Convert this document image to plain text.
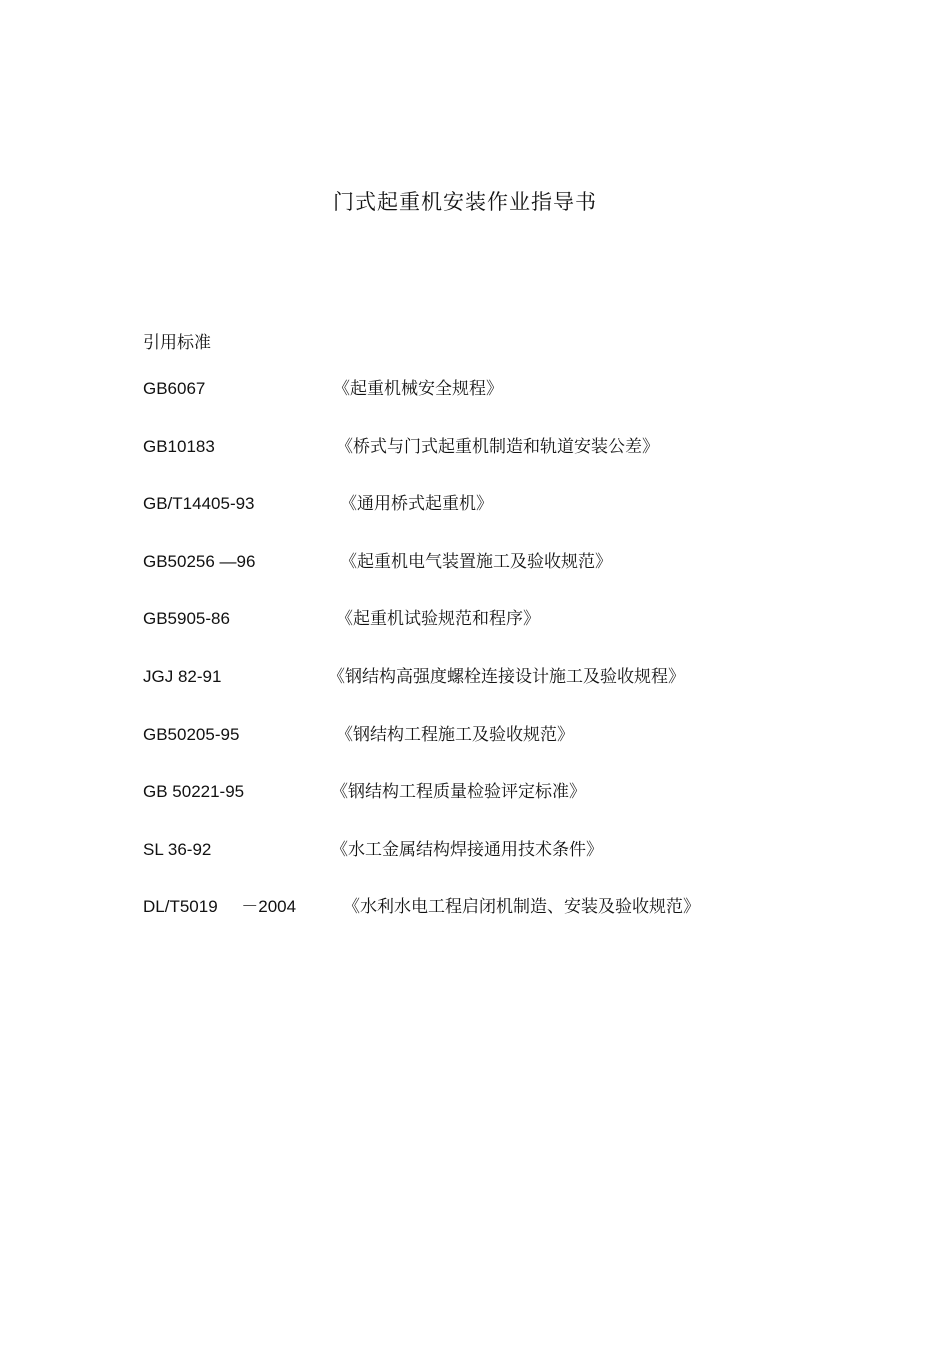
门式起重机安装作业指导书
引用标准
GB6067	《起重机械安全规程》
GB10183	《桥式与门式起重机制造和轨道安装公差》
GB/T14405-93	《通用桥式起重机》
GB50256 —96	《起重机电气装置施工及验收规范》
GB5905-86	《起重机试验规范和程序》
JGJ 82-91	《钢结构高强度螺栓连接设计施工及验收规程》
GB50205-95	《钢结构工程施工及验收规范》
GB 50221-95	《钢结构工程质量检验评定标准》
SL 36-92	《水工金属结构焊接通用技术条件》
DL/T5019     －2004	《水利水电工程启闭机制造、安装及验收规范》
